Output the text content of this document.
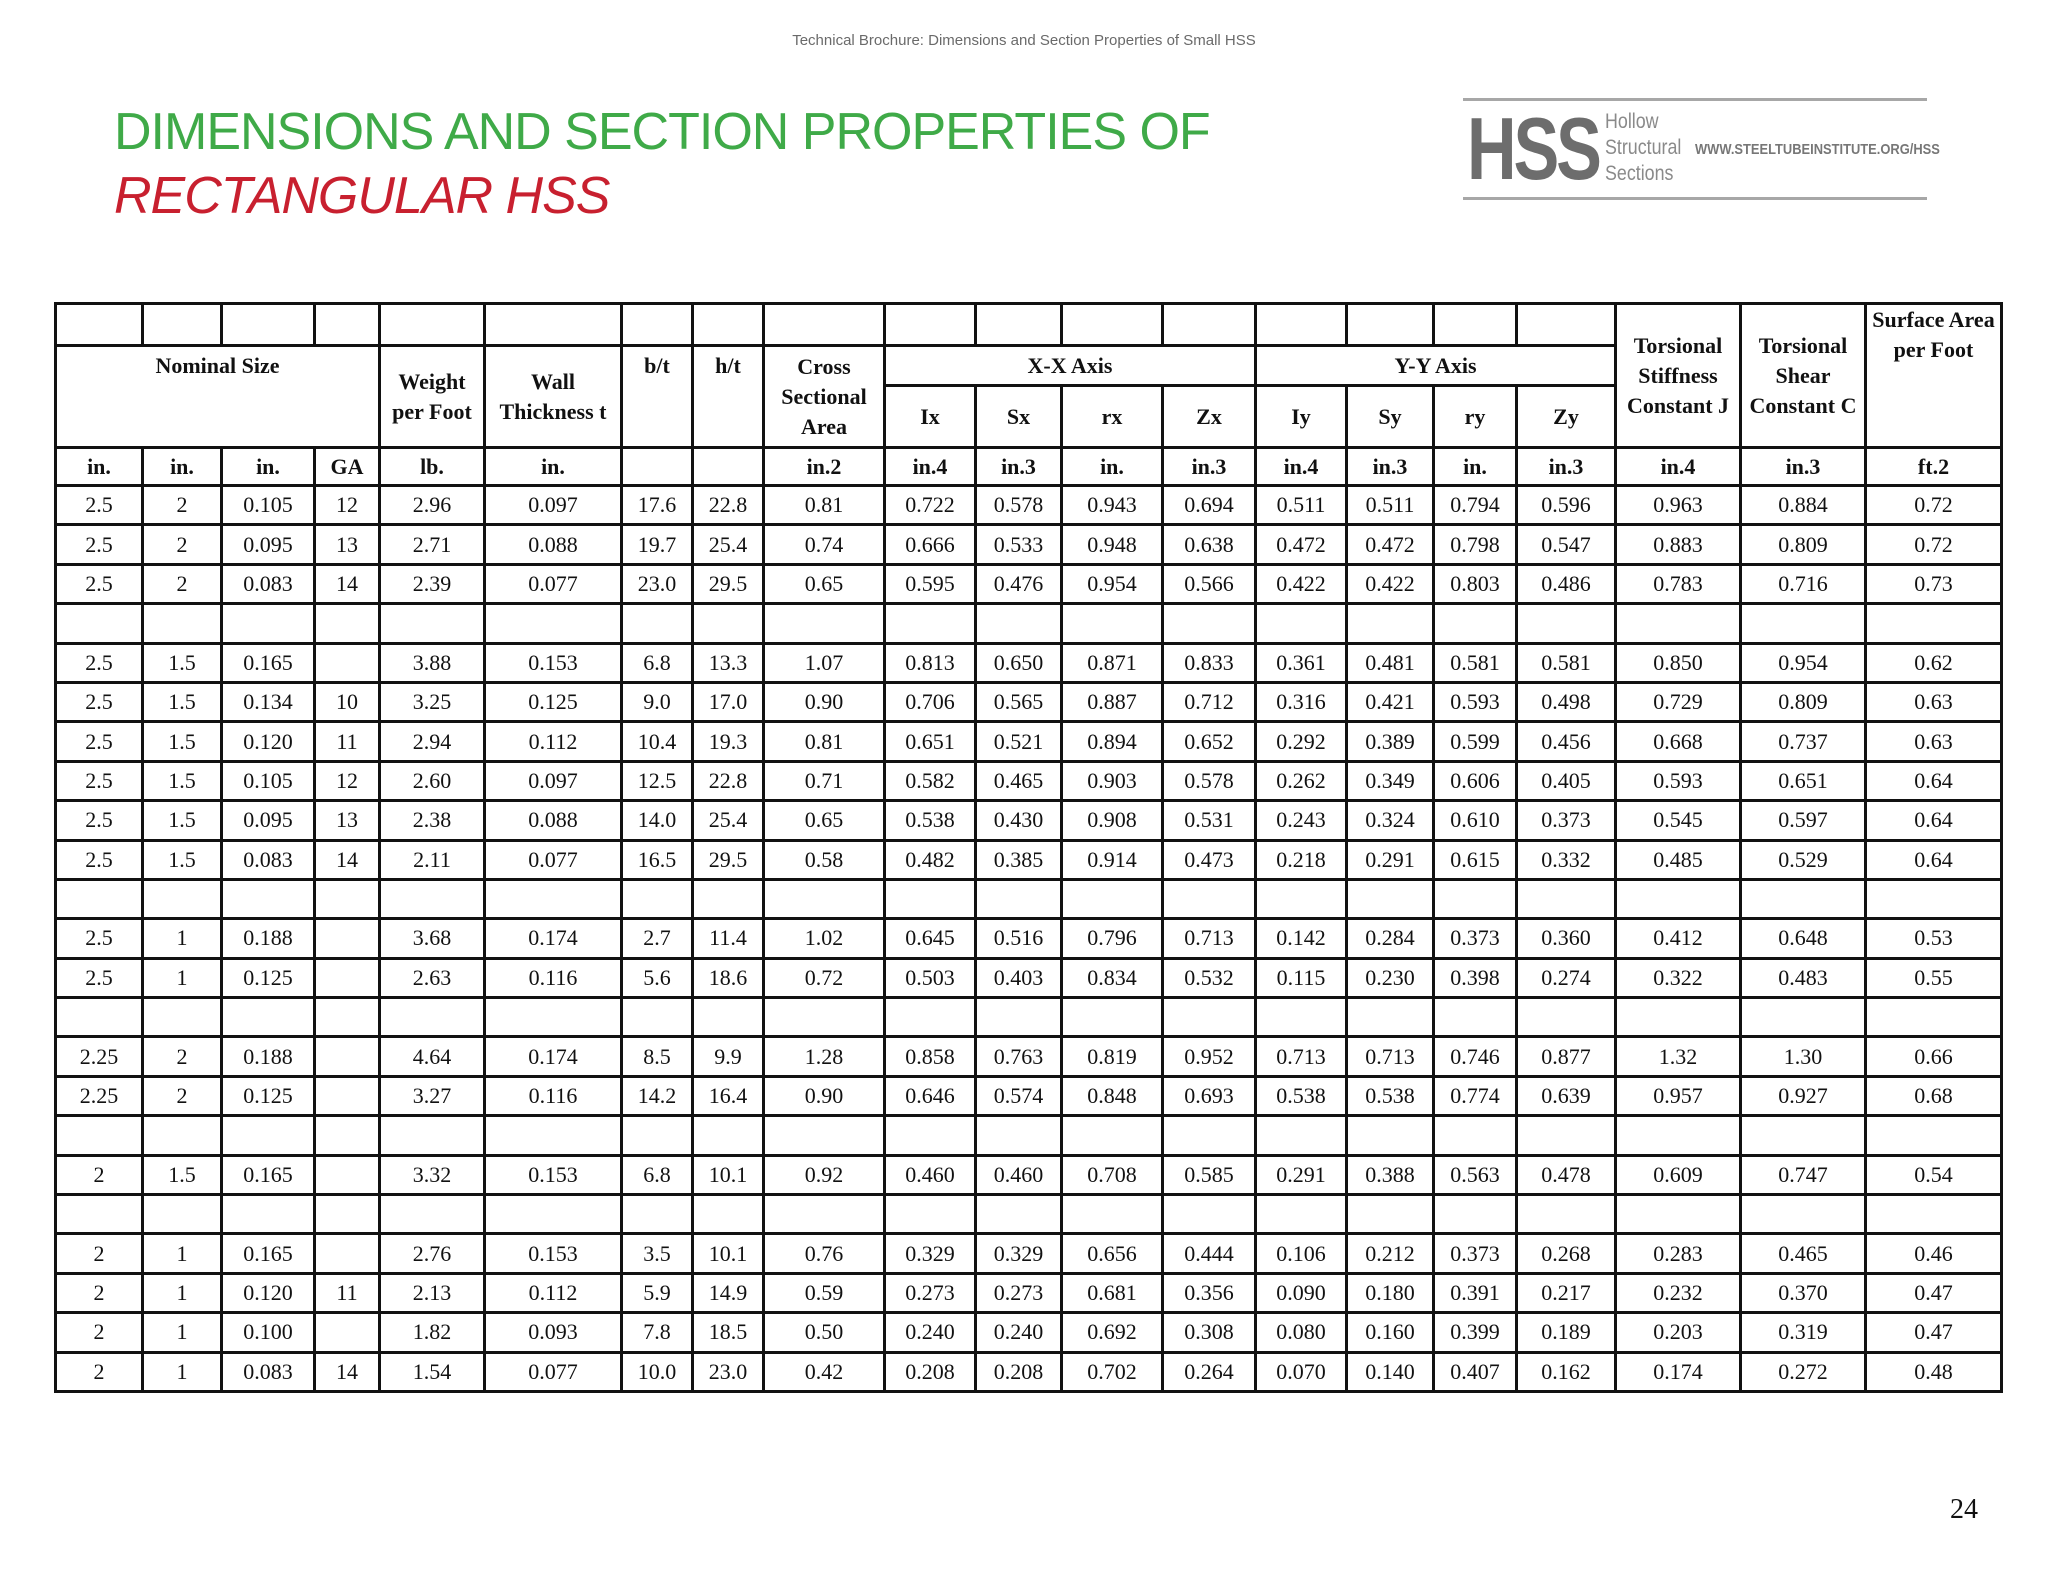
Technical Brochure: Dimensions and Section Properties of Small HSS
DIMENSIONS AND SECTION PROPERTIES OF
RECTANGULAR HSS	HSS Hollow
Structural
Sections
WWW.STEELTUBEINSTITUTE.ORG/HSS
																	Torsional Stiffness Constant J	Torsional Shear Constant C	Surface Area per Foot
Nominal Size				Weight per Foot	Wall Thickness t	b/t	h/t	Cross Sectional Area	X-X Axis				Y-Y Axis						
									Ix	Sx	rx	Zx	Iy	Sy	ry	Zy			
in.	in.	in.	GA	lb.	in.			in.2	in.4	in.3	in.	in.3	in.4	in.3	in.	in.3	in.4	in.3	ft.2
2.5	2	0.105	12	2.96	0.097	17.6	22.8	0.81	0.722	0.578	0.943	0.694	0.511	0.511	0.794	0.596	0.963	0.884	0.72
2.5	2	0.095	13	2.71	0.088	19.7	25.4	0.74	0.666	0.533	0.948	0.638	0.472	0.472	0.798	0.547	0.883	0.809	0.72
2.5	2	0.083	14	2.39	0.077	23.0	29.5	0.65	0.595	0.476	0.954	0.566	0.422	0.422	0.803	0.486	0.783	0.716	0.73

2.5	1.5	0.165		3.88	0.153	6.8	13.3	1.07	0.813	0.650	0.871	0.833	0.361	0.481	0.581	0.581	0.850	0.954	0.62
2.5	1.5	0.134	10	3.25	0.125	9.0	17.0	0.90	0.706	0.565	0.887	0.712	0.316	0.421	0.593	0.498	0.729	0.809	0.63
2.5	1.5	0.120	11	2.94	0.112	10.4	19.3	0.81	0.651	0.521	0.894	0.652	0.292	0.389	0.599	0.456	0.668	0.737	0.63
2.5	1.5	0.105	12	2.60	0.097	12.5	22.8	0.71	0.582	0.465	0.903	0.578	0.262	0.349	0.606	0.405	0.593	0.651	0.64
2.5	1.5	0.095	13	2.38	0.088	14.0	25.4	0.65	0.538	0.430	0.908	0.531	0.243	0.324	0.610	0.373	0.545	0.597	0.64
2.5	1.5	0.083	14	2.11	0.077	16.5	29.5	0.58	0.482	0.385	0.914	0.473	0.218	0.291	0.615	0.332	0.485	0.529	0.64

2.5	1	0.188		3.68	0.174	2.7	11.4	1.02	0.645	0.516	0.796	0.713	0.142	0.284	0.373	0.360	0.412	0.648	0.53
2.5	1	0.125		2.63	0.116	5.6	18.6	0.72	0.503	0.403	0.834	0.532	0.115	0.230	0.398	0.274	0.322	0.483	0.55

2.25	2	0.188		4.64	0.174	8.5	9.9	1.28	0.858	0.763	0.819	0.952	0.713	0.713	0.746	0.877	1.32	1.30	0.66
2.25	2	0.125		3.27	0.116	14.2	16.4	0.90	0.646	0.574	0.848	0.693	0.538	0.538	0.774	0.639	0.957	0.927	0.68

2	1.5	0.165		3.32	0.153	6.8	10.1	0.92	0.460	0.460	0.708	0.585	0.291	0.388	0.563	0.478	0.609	0.747	0.54

2	1	0.165		2.76	0.153	3.5	10.1	0.76	0.329	0.329	0.656	0.444	0.106	0.212	0.373	0.268	0.283	0.465	0.46
2	1	0.120	11	2.13	0.112	5.9	14.9	0.59	0.273	0.273	0.681	0.356	0.090	0.180	0.391	0.217	0.232	0.370	0.47
2	1	0.100		1.82	0.093	7.8	18.5	0.50	0.240	0.240	0.692	0.308	0.080	0.160	0.399	0.189	0.203	0.319	0.47
2	1	0.083	14	1.54	0.077	10.0	23.0	0.42	0.208	0.208	0.702	0.264	0.070	0.140	0.407	0.162	0.174	0.272	0.48
24
